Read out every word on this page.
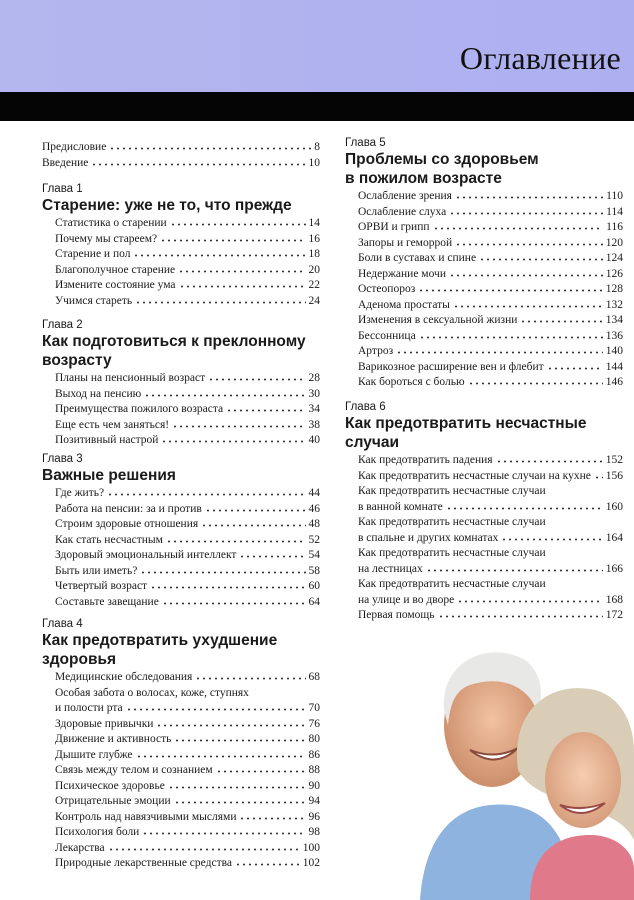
Оглавление
Предисловие	8
Введение	10
Глава 1
Старение: уже не то, что прежде
Статистика о старении	14
Почему мы стареем?	16
Старение и пол	18
Благополучное старение	20
Измените состояние ума	22
Учимся стареть	24
Глава 2
Как подготовиться к преклонному
возрасту
Планы на пенсионный возраст	28
Выход на пенсию	30
Преимущества пожилого возраста	34
Еще есть чем заняться!	38
Позитивный настрой	40
Глава 3
Важные решения
Где жить?	44
Работа на пенсии: за и против	46
Строим здоровые отношения	48
Как стать несчастным	52
Здоровый эмоциональный интеллект	54
Быть или иметь?	58
Четвертый возраст	60
Составьте завещание	64
Глава 4
Как предотвратить ухудшение
здоровья
Медицинские обследования	68
Особая забота о волосах, коже, ступнях
и полости рта	70
Здоровые привычки	76
Движение и активность	80
Дышите глубже	86
Связь между телом и сознанием	88
Психическое здоровье	90
Отрицательные эмоции	94
Контроль над навязчивыми мыслями	96
Психология боли	98
Лекарства	100
Природные лекарственные средства	102
Глава 5
Проблемы со здоровьем
в пожилом возрасте
Ослабление зрения	110
Ослабление слуха	114
ОРВИ и грипп	116
Запоры и геморрой	120
Боли в суставах и спине	124
Недержание мочи	126
Остеопороз	128
Аденома простаты	132
Изменения в сексуальной жизни	134
Бессонница	136
Артроз	140
Варикозное расширение вен и флебит	144
Как бороться с болью	146
Глава 6
Как предотвратить несчастные
случаи
Как предотвратить падения	152
Как предотвратить несчастные случаи на кухне 156
Как предотвратить несчастные случаи
в ванной комнате	160
Как предотвратить несчастные случаи
в спальне и других комнатах	164
Как предотвратить несчастные случаи
на лестницах	166
Как предотвратить несчастные случаи
на улице и во дворе	168
Первая помощь	172
